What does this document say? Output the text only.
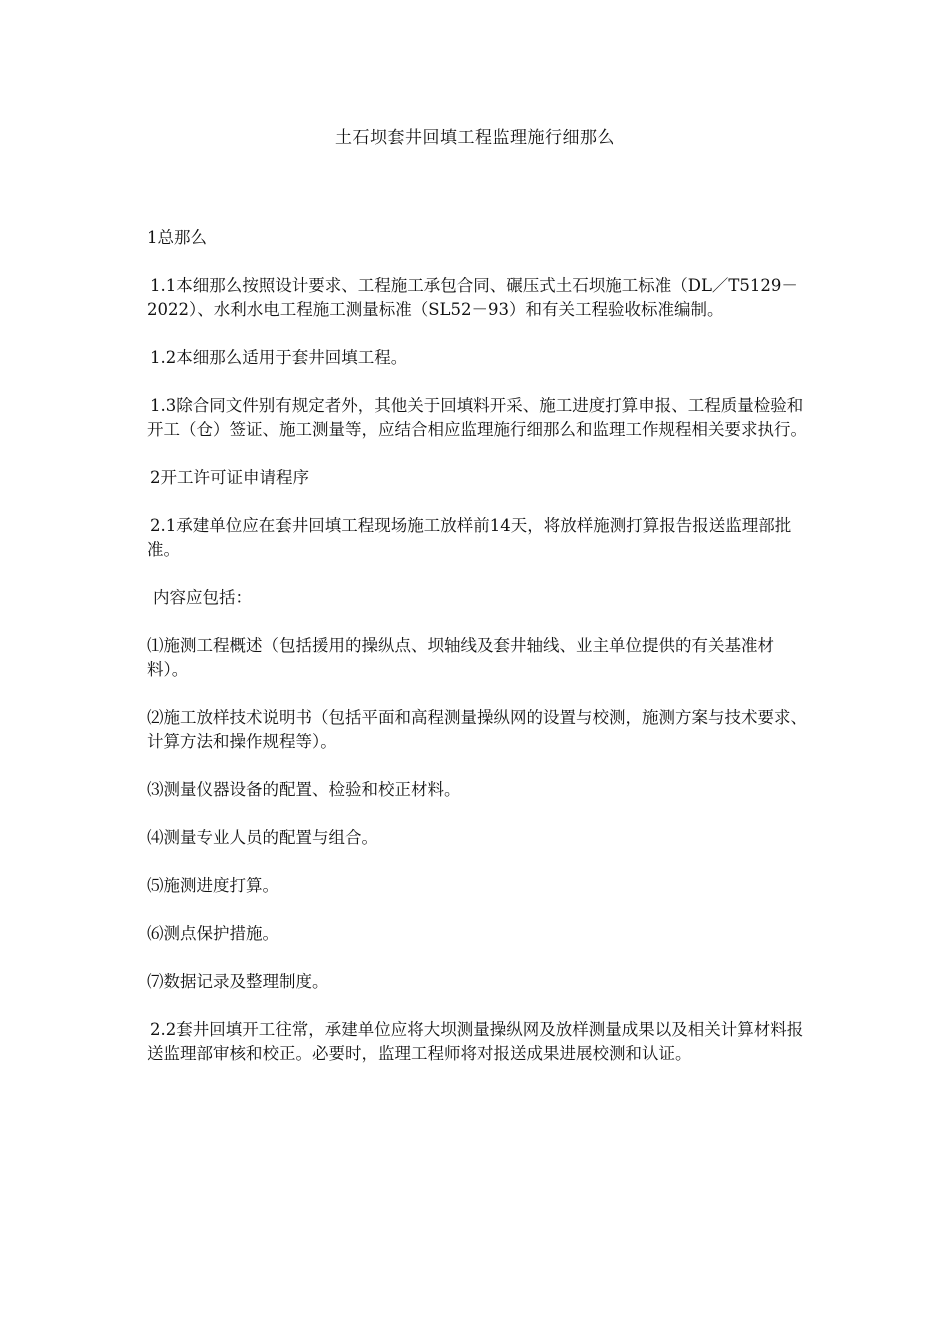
土石坝套井回填工程监理施行细那么

1总那么

1.1本细那么按照设计要求、工程施工承包合同、碾压式土石坝施工标准（DL／T5129－2022）、水利水电工程施工测量标准（SL52－93）和有关工程验收标准编制。

1.2本细那么适用于套井回填工程。

1.3除合同文件别有规定者外，其他关于回填料开采、施工进度打算申报、工程质量检验和开工（仓）签证、施工测量等，应结合相应监理施行细那么和监理工作规程相关要求执行。

2开工许可证申请程序

2.1承建单位应在套井回填工程现场施工放样前14天，将放样施测打算报告报送监理部批准。

内容应包括：

⑴施测工程概述（包括援用的操纵点、坝轴线及套井轴线、业主单位提供的有关基准材料）。

⑵施工放样技术说明书（包括平面和高程测量操纵网的设置与校测，施测方案与技术要求、计算方法和操作规程等）。

⑶测量仪器设备的配置、检验和校正材料。

⑷测量专业人员的配置与组合。

⑸施测进度打算。

⑹测点保护措施。

⑺数据记录及整理制度。

2.2套井回填开工往常，承建单位应将大坝测量操纵网及放样测量成果以及相关计算材料报送监理部审核和校正。必要时，监理工程师将对报送成果进展校测和认证。
